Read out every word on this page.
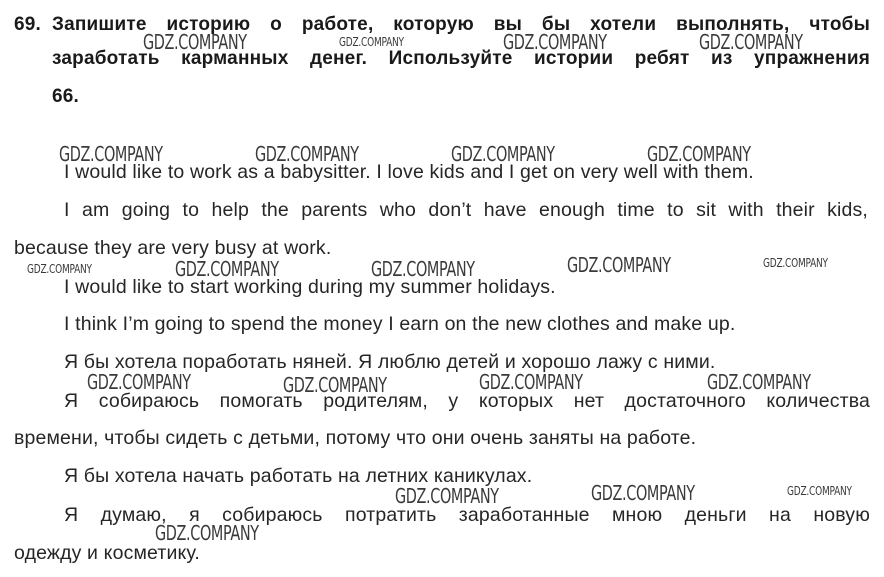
69. Запишите историю о работе, которую вы бы хотели выполнять, чтобы
заработать карманных денег. Используйте истории ребят из упражнения
66.
I would like to work as a babysitter. I love kids and I get on very well with them.
I am going to help the parents who don’t have enough time to sit with their kids,
because they are very busy at work.
I would like to start working during my summer holidays.
I think I’m going to spend the money I earn on the new clothes and make up.
Я бы хотела поработать няней. Я люблю детей и хорошо лажу с ними.
Я собираюсь помогать родителям, у которых нет достаточного количества
времени, чтобы сидеть с детьми, потому что они очень заняты на работе.
Я бы хотела начать работать на летних каникулах.
Я думаю, я собираюсь потратить заработанные мною деньги на новую
одежду и косметику.
GDZ.COMPANY	GDZ.COMPANY	GDZ.COMPANY	GDZ.COMPANY
GDZ.COMPANY	GDZ.COMPANY	GDZ.COMPANY	GDZ.COMPANY
GDZ.COMPANY	GDZ.COMPANY	GDZ.COMPANY	GDZ.COMPANY	GDZ.COMPANY
GDZ.COMPANY	GDZ.COMPANY	GDZ.COMPANY	GDZ.COMPANY
GDZ.COMPANY	GDZ.COMPANY	GDZ.COMPANY
GDZ.COMPANY
